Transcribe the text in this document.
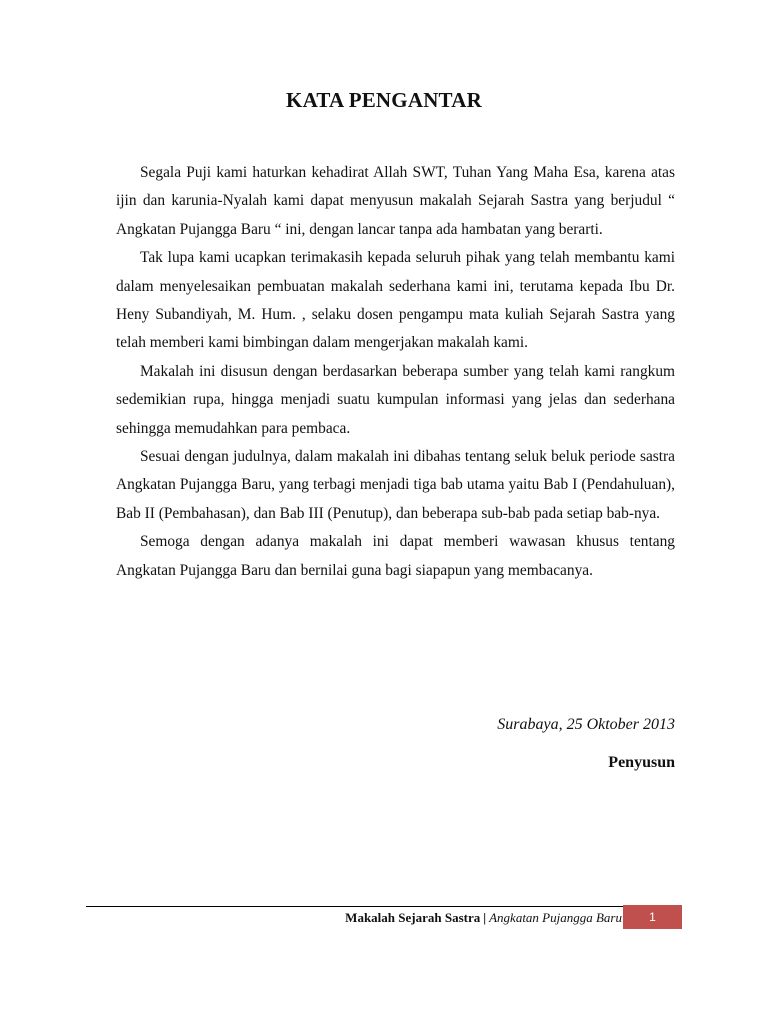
KATA PENGANTAR

Segala Puji kami haturkan kehadirat Allah SWT, Tuhan Yang Maha Esa, karena atas ijin dan karunia-Nyalah kami dapat menyusun makalah Sejarah Sastra yang berjudul “ Angkatan Pujangga Baru “ ini, dengan lancar tanpa ada hambatan yang berarti.

Tak lupa kami ucapkan terimakasih kepada seluruh pihak yang telah membantu kami dalam menyelesaikan pembuatan makalah sederhana kami ini, terutama kepada Ibu Dr. Heny Subandiyah, M. Hum. , selaku dosen pengampu mata kuliah Sejarah Sastra yang telah memberi kami bimbingan dalam mengerjakan makalah kami.

Makalah ini disusun dengan berdasarkan beberapa sumber yang telah kami rangkum sedemikian rupa, hingga menjadi suatu kumpulan informasi yang jelas dan sederhana sehingga memudahkan para pembaca.

Sesuai dengan judulnya, dalam makalah ini dibahas tentang seluk beluk periode sastra Angkatan Pujangga Baru, yang terbagi menjadi tiga bab utama yaitu Bab I (Pendahuluan), Bab II (Pembahasan), dan Bab III (Penutup), dan beberapa sub-bab pada setiap bab-nya.

Semoga dengan adanya makalah ini dapat memberi wawasan khusus tentang Angkatan Pujangga Baru dan bernilai guna bagi siapapun yang membacanya.

Surabaya, 25 Oktober 2013
Penyusun
Makalah Sejarah Sastra | Angkatan Pujangga Baru	1
